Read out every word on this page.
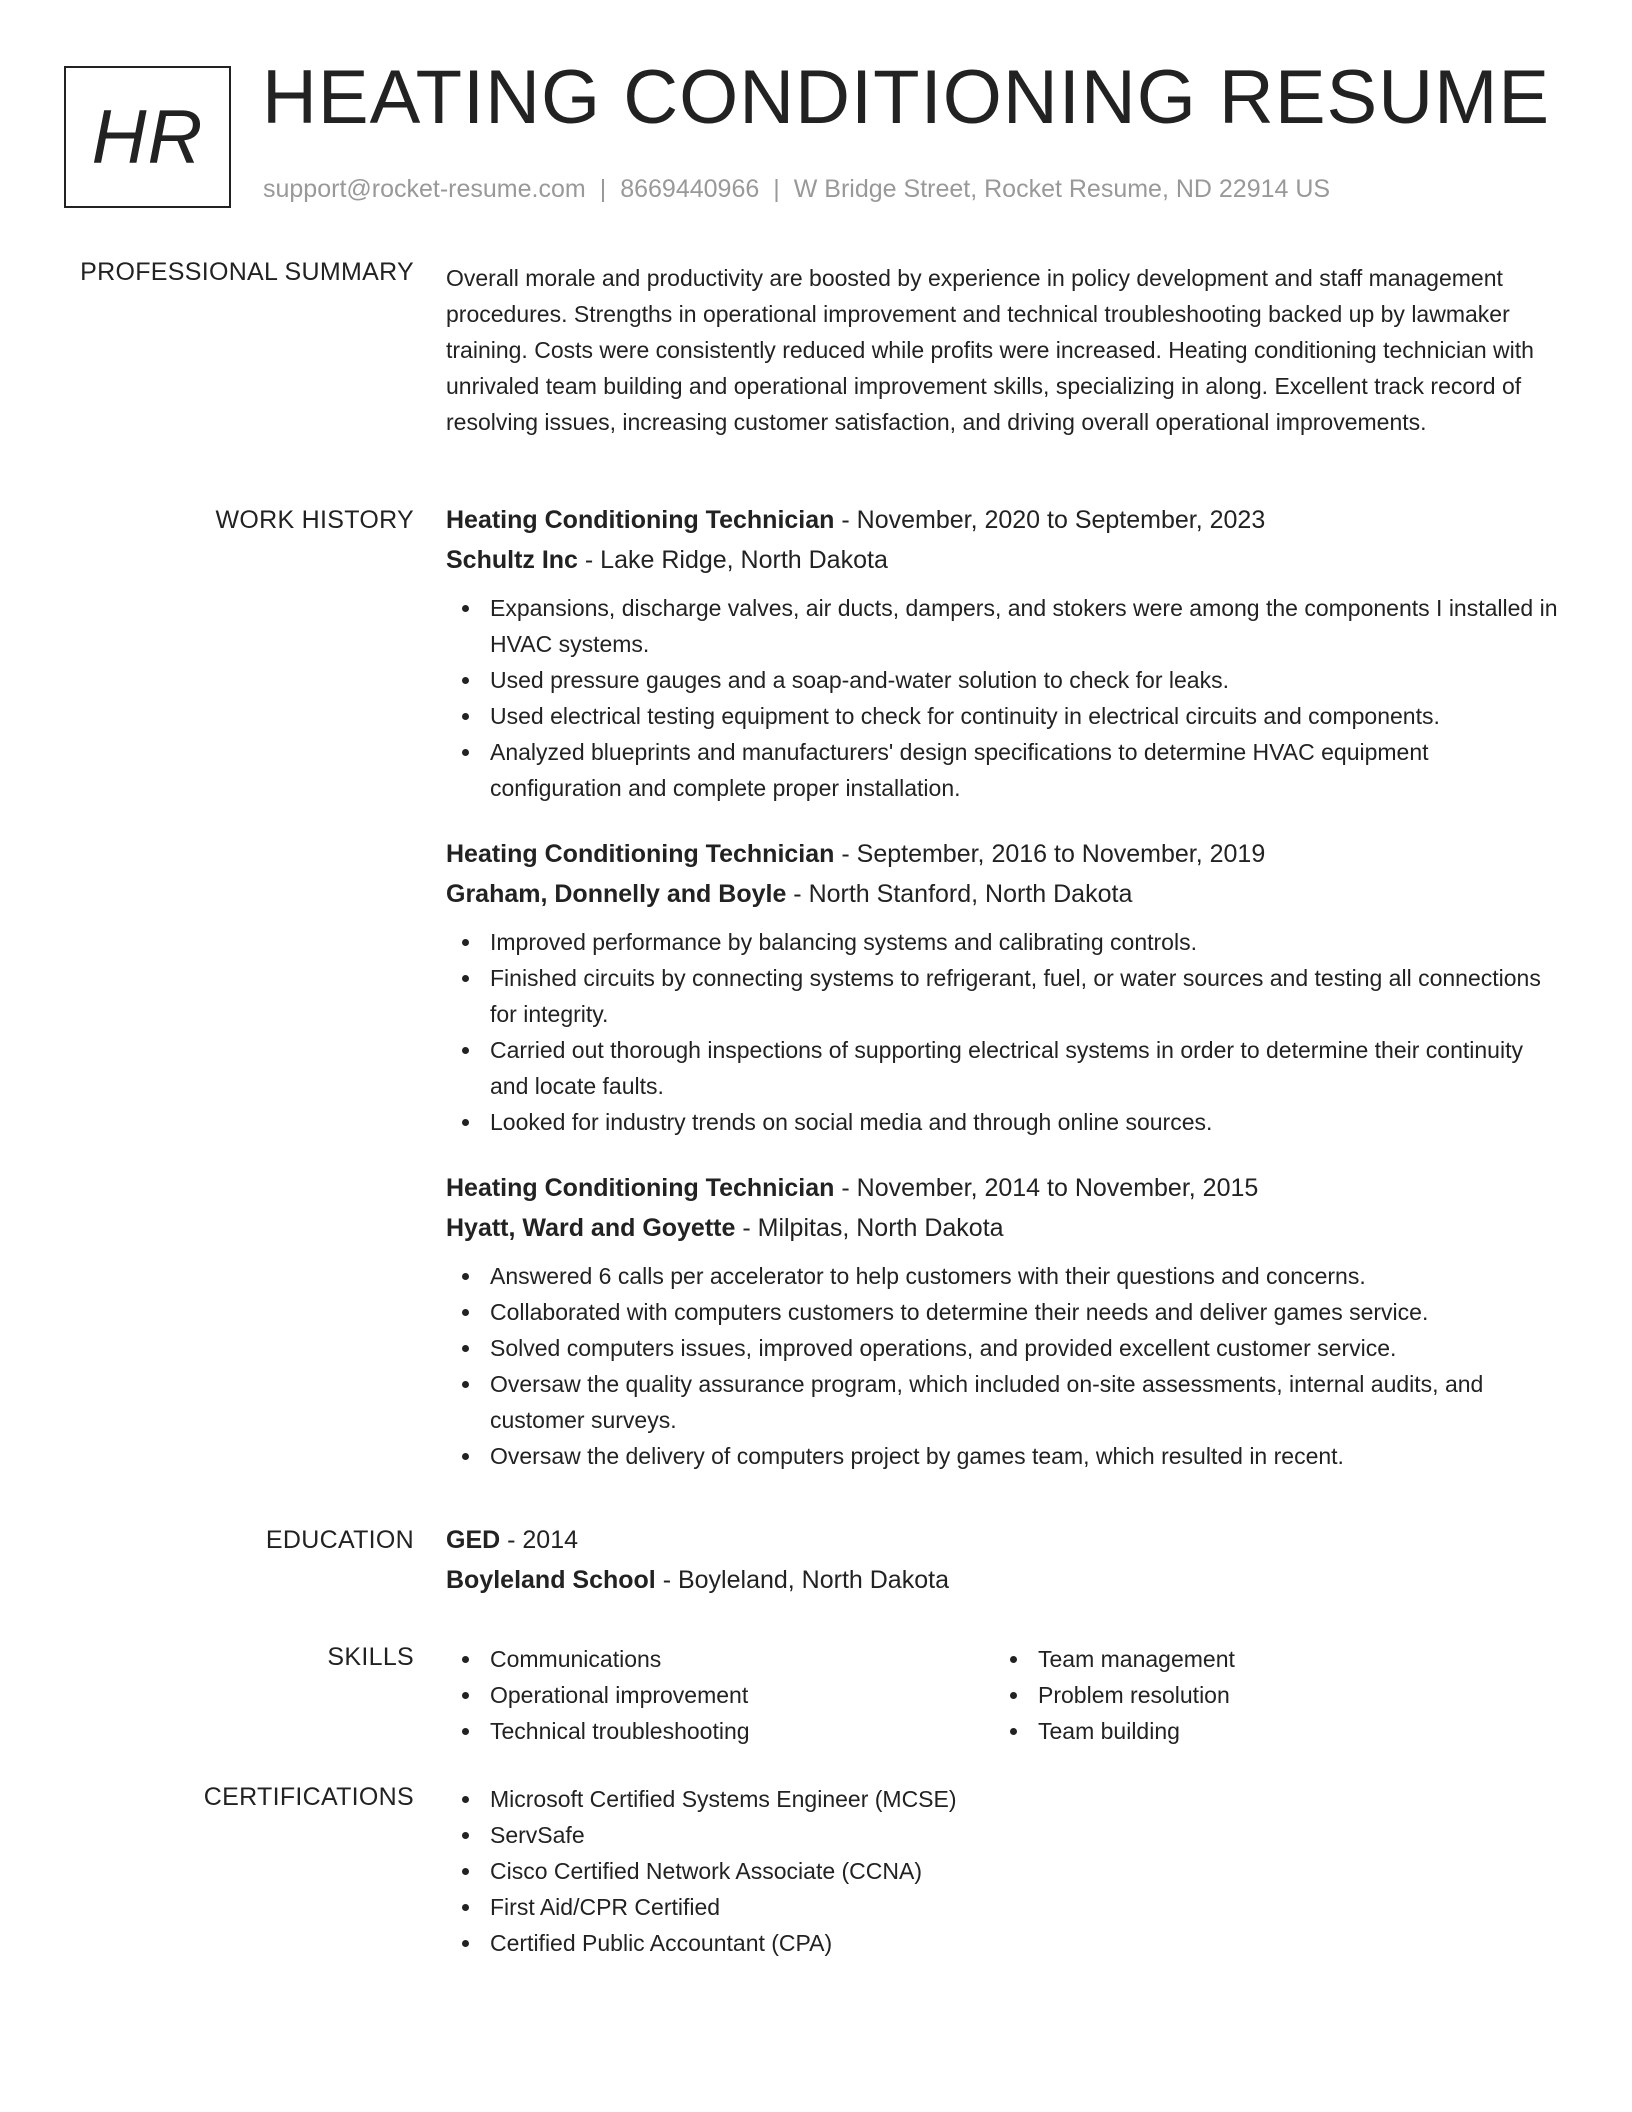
HR HEATING CONDITIONING RESUME
support@rocket-resume.com | 8669440966 | W Bridge Street, Rocket Resume, ND 22914 US
PROFESSIONAL SUMMARY Overall morale and productivity are boosted by experience in policy development and staff management procedures. Strengths in operational improvement and technical troubleshooting backed up by lawmaker training. Costs were consistently reduced while profits were increased. Heating conditioning technician with unrivaled team building and operational improvement skills, specializing in along. Excellent track record of resolving issues, increasing customer satisfaction, and driving overall operational improvements.

WORK HISTORY Heating Conditioning Technician - November, 2020 to September, 2023
Schultz Inc - Lake Ridge, North Dakota
Expansions, discharge valves, air ducts, dampers, and stokers were among the components I installed in HVAC systems.
Used pressure gauges and a soap-and-water solution to check for leaks.
Used electrical testing equipment to check for continuity in electrical circuits and components.
Analyzed blueprints and manufacturers' design specifications to determine HVAC equipment configuration and complete proper installation.
Heating Conditioning Technician - September, 2016 to November, 2019
Graham, Donnelly and Boyle - North Stanford, North Dakota
Improved performance by balancing systems and calibrating controls.
Finished circuits by connecting systems to refrigerant, fuel, or water sources and testing all connections for integrity.
Carried out thorough inspections of supporting electrical systems in order to determine their continuity and locate faults.
Looked for industry trends on social media and through online sources.
Heating Conditioning Technician - November, 2014 to November, 2015
Hyatt, Ward and Goyette - Milpitas, North Dakota
Answered 6 calls per accelerator to help customers with their questions and concerns.
Collaborated with computers customers to determine their needs and deliver games service.
Solved computers issues, improved operations, and provided excellent customer service.
Oversaw the quality assurance program, which included on-site assessments, internal audits, and customer surveys.
Oversaw the delivery of computers project by games team, which resulted in recent.
EDUCATION GED - 2014
Boyleland School - Boyleland, North Dakota
SKILLS	Communications
Operational improvement
Technical troubleshooting
Team management
Problem resolution
Team building
CERTIFICATIONS	Microsoft Certified Systems Engineer (MCSE)
ServSafe
Cisco Certified Network Associate (CCNA)
First Aid/CPR Certified
Certified Public Accountant (CPA)
